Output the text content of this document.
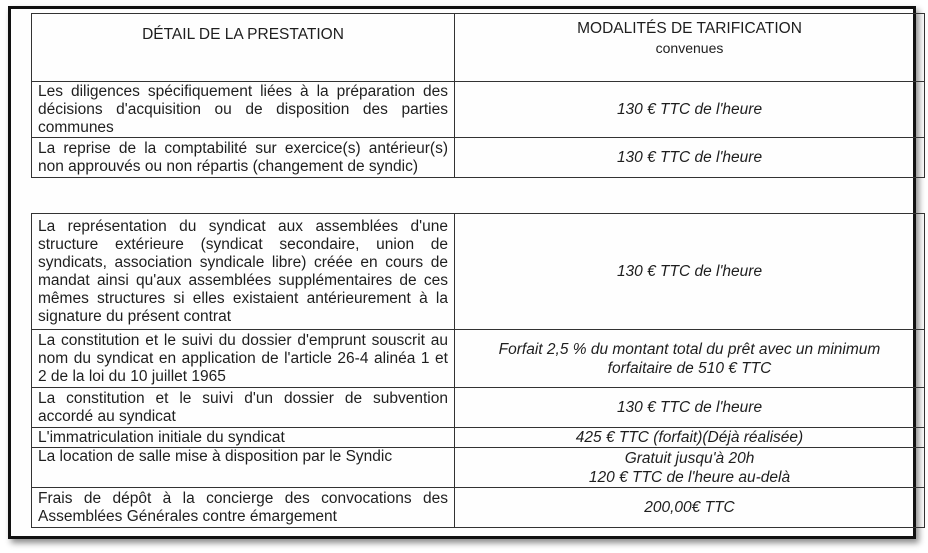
DÉTAIL DE LA PRESTATION	MODALITÉS DE TARIFICATION
convenues

Les diligences spécifiquement liées à la préparation des décisions d'acquisition ou de disposition des parties communes	130 € TTC de l'heure

La reprise de la comptabilité sur exercice(s) antérieur(s) non approuvés ou non répartis (changement de syndic)	130 € TTC de l'heure
La représentation du syndicat aux assemblées d'une structure extérieure (syndicat secondaire, union de syndicats, association syndicale libre) créée en cours de mandat ainsi qu'aux assemblées supplémentaires de ces mêmes structures si elles existaient antérieurement à la signature du présent contrat	130 € TTC de l'heure

La constitution et le suivi du dossier d'emprunt souscrit au nom du syndicat en application de l'article 26-4 alinéa 1 et 2 de la loi du 10 juillet 1965	Forfait 2,5 % du montant total du prêt avec un minimum
forfaitaire de 510 € TTC

La constitution et le suivi d'un dossier de subvention accordé au syndicat	130 € TTC de l'heure

L'immatriculation initiale du syndicat	425 € TTC (forfait)(Déjà réalisée)

La location de salle mise à disposition par le Syndic	Gratuit jusqu'à 20h
120 € TTC de l'heure au-delà

Frais de dépôt à la concierge des convocations des Assemblées Générales contre émargement	200,00€ TTC
